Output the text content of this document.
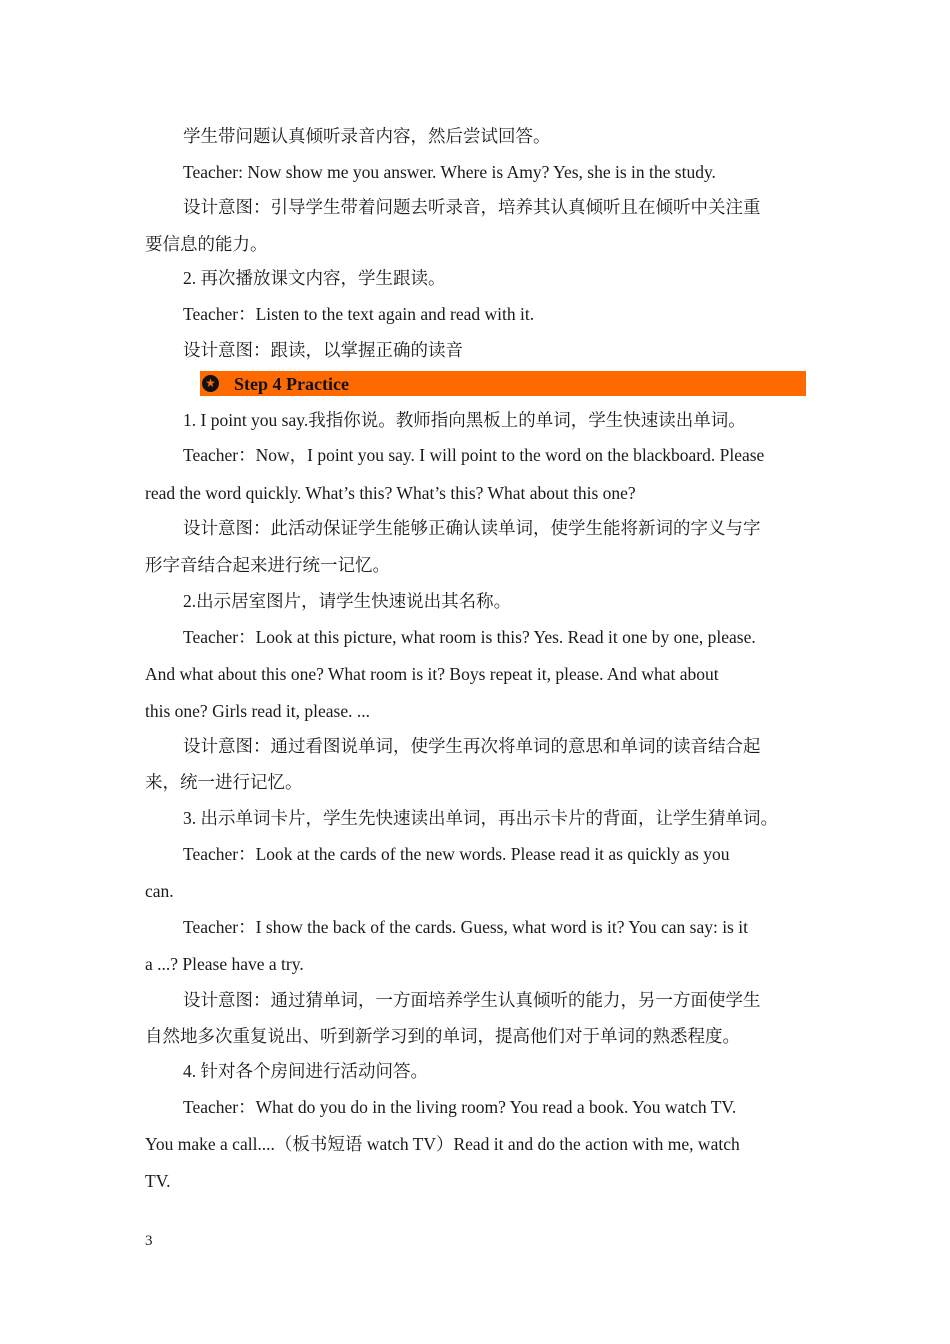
学生带问题认真倾听录音内容，然后尝试回答。
Teacher: Now show me you answer. Where is Amy? Yes, she is in the study.
设计意图：引导学生带着问题去听录音，培养其认真倾听且在倾听中关注重
要信息的能力。
2. 再次播放课文内容，学生跟读。
Teacher：Listen to the text again and read with it.
设计意图：跟读，以掌握正确的读音
★ Step 4 Practice
1. I point you say.我指你说。教师指向黑板上的单词，学生快速读出单词。
Teacher：Now，I point you say. I will point to the word on the blackboard. Please
read the word quickly. What’s this? What’s this? What about this one?
设计意图：此活动保证学生能够正确认读单词，使学生能将新词的字义与字
形字音结合起来进行统一记忆。
2.出示居室图片，请学生快速说出其名称。
Teacher：Look at this picture, what room is this? Yes. Read it one by one, please.
And what about this one? What room is it? Boys repeat it, please. And what about
this one? Girls read it, please. ...
设计意图：通过看图说单词，使学生再次将单词的意思和单词的读音结合起
来，统一进行记忆。
3. 出示单词卡片，学生先快速读出单词，再出示卡片的背面，让学生猜单词。
Teacher：Look at the cards of the new words. Please read it as quickly as you
can.
Teacher：I show the back of the cards. Guess, what word is it? You can say: is it
a ...? Please have a try.
设计意图：通过猜单词，一方面培养学生认真倾听的能力，另一方面使学生
自然地多次重复说出、听到新学习到的单词，提高他们对于单词的熟悉程度。
4. 针对各个房间进行活动问答。
Teacher：What do you do in the living room? You read a book. You watch TV.
You make a call....（板书短语 watch TV）Read it and do the action with me, watch
TV.
3
